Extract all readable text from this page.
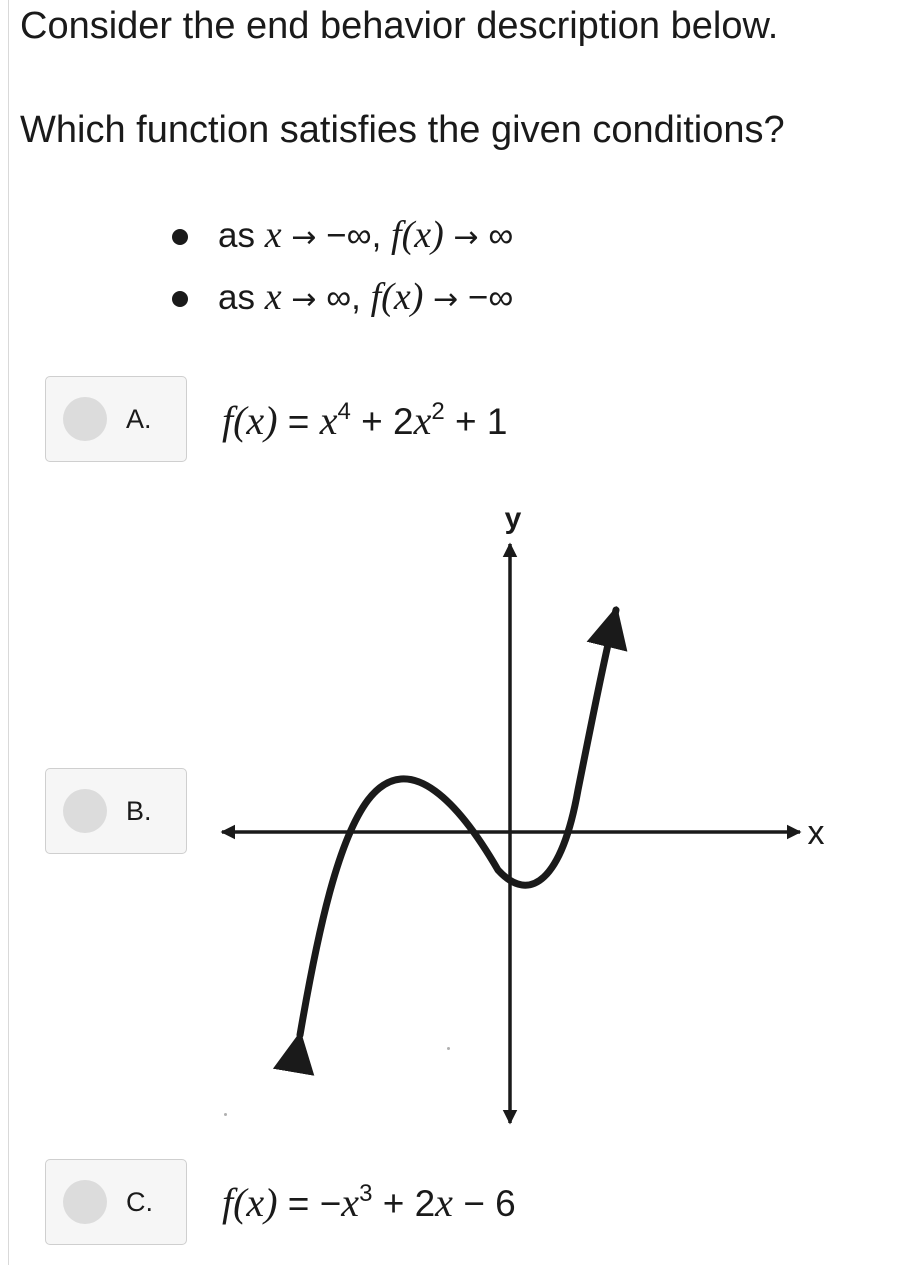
Consider the end behavior description below.

Which function satisfies the given conditions?

as x → −∞, f(x) → ∞
as x → ∞, f(x) → −∞
A. $f(x) = x^4 + 2x^2 + 1$
B.
y
x
C. $f(x) = -x^3 + 2x - 6$
